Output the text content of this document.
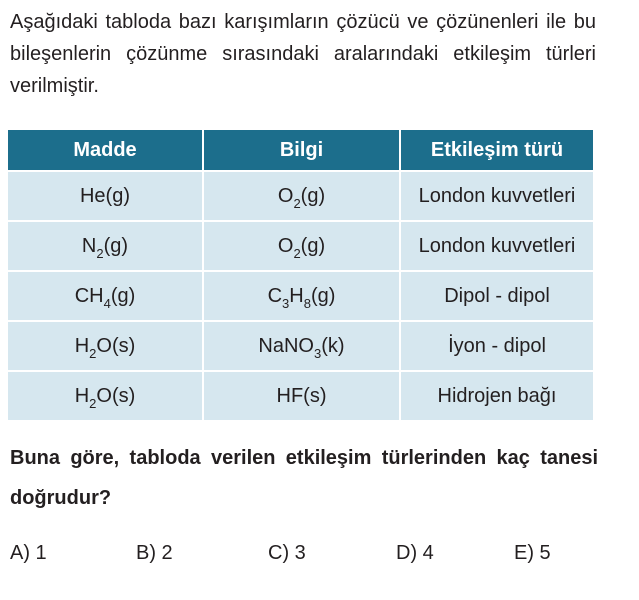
Aşağıdaki tabloda bazı karışımların çözücü ve çözünenleri ile bu bileşenlerin çözünme sırasındaki aralarındaki etkileşim türleri verilmiştir.

Madde	Bilgi	Etkileşim türü
He(g)	$O_2(g)$	London kuvvetleri
$N_2(g)$	$O_2(g)$	London kuvvetleri
$CH_4(g)$	$C_3H_8(g)$	Dipol - dipol
$H_2O(s)$	NaNO$_3$(k)	İyon - dipol
$H_2O(s)$	HF(s)	Hidrojen bağı

Buna göre, tabloda verilen etkileşim türlerinden kaç tanesi doğrudur?

A) 1	B) 2	C) 3	D) 4	E) 5
